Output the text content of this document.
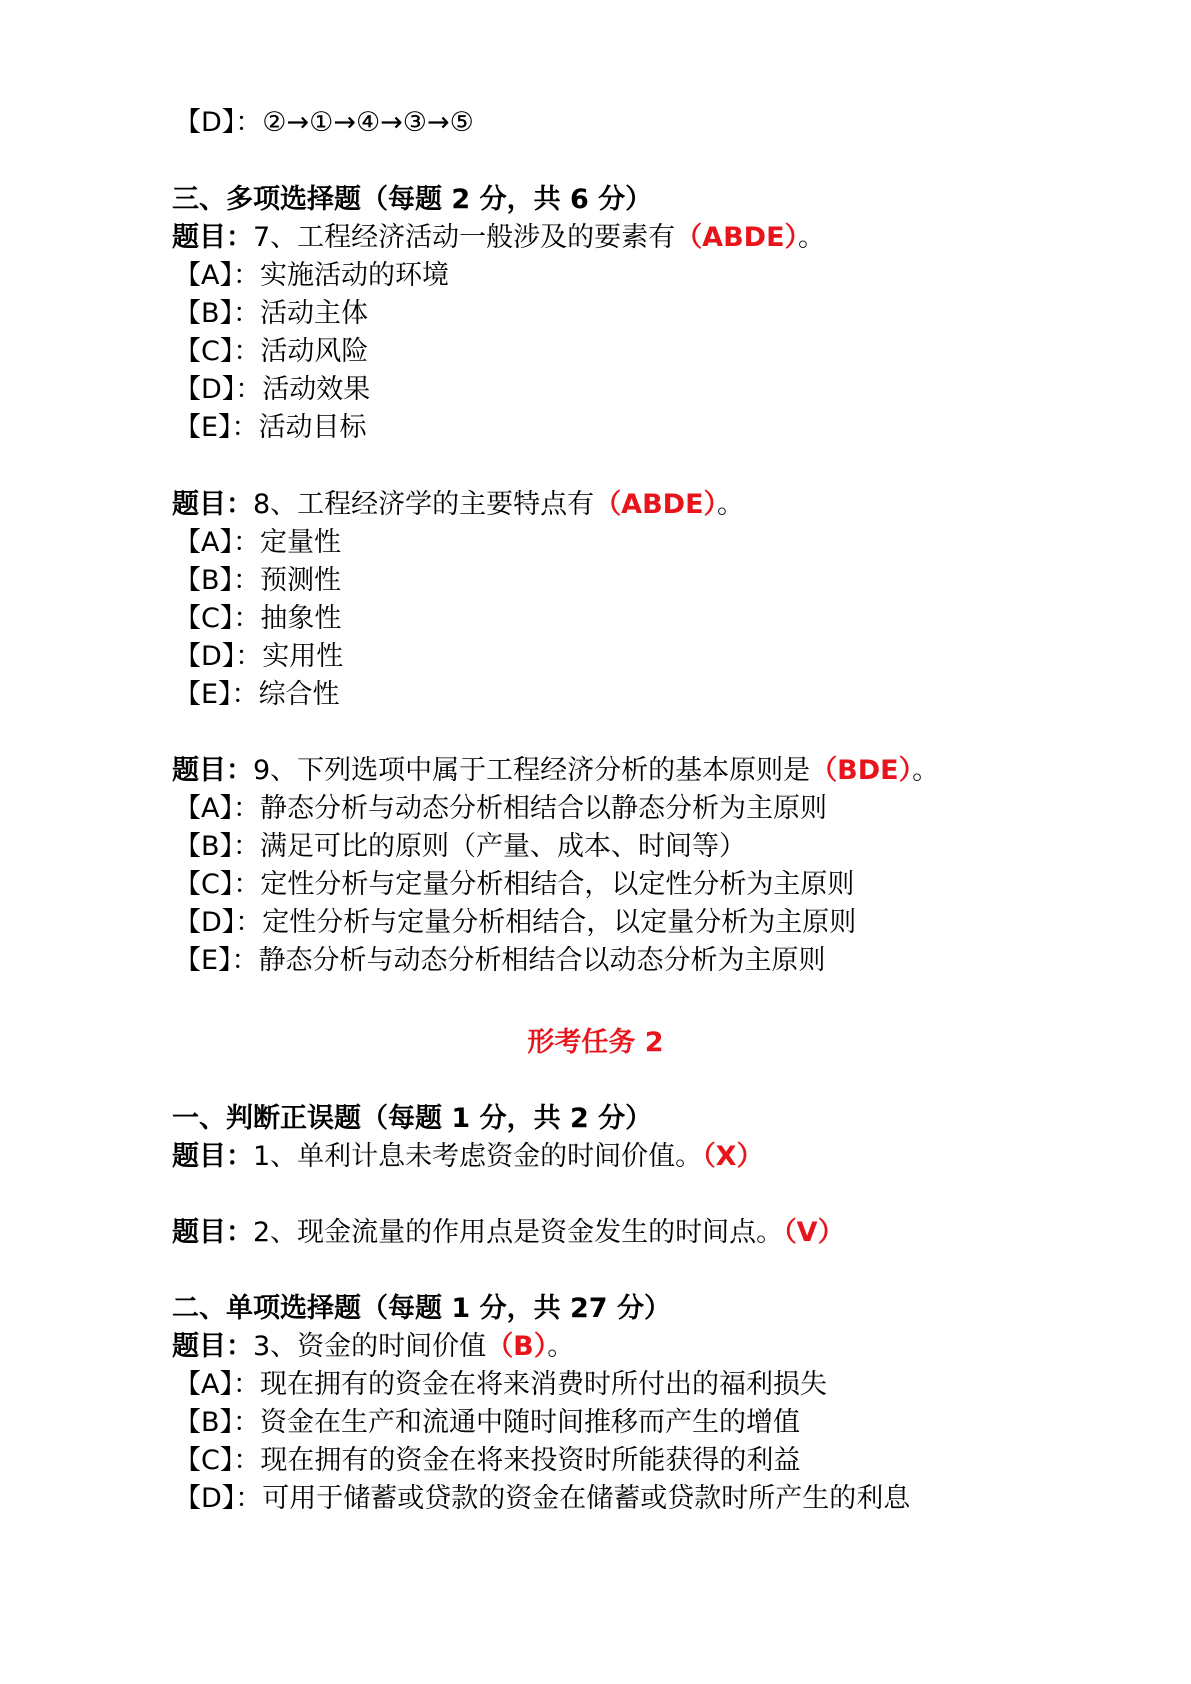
【D】：②→①→④→③→⑤
三、多项选择题（每题 2 分，共 6 分）
题目：7、工程经济活动一般涉及的要素有（ABDE）。
【A】：实施活动的环境
【B】：活动主体
【C】：活动风险
【D】：活动效果
【E】：活动目标
题目：8、工程经济学的主要特点有（ABDE）。
【A】：定量性
【B】：预测性
【C】：抽象性
【D】：实用性
【E】：综合性
题目：9、下列选项中属于工程经济分析的基本原则是（BDE）。
【A】：静态分析与动态分析相结合以静态分析为主原则
【B】：满足可比的原则（产量、成本、时间等）
【C】：定性分析与定量分析相结合，以定性分析为主原则
【D】：定性分析与定量分析相结合，以定量分析为主原则
【E】：静态分析与动态分析相结合以动态分析为主原则
形考任务 2
一、判断正误题（每题 1 分，共 2 分）
题目：1、单利计息未考虑资金的时间价值。（X）
题目：2、现金流量的作用点是资金发生的时间点。（V）
二、单项选择题（每题 1 分，共 27 分）
题目：3、资金的时间价值（B）。
【A】：现在拥有的资金在将来消费时所付出的福利损失
【B】：资金在生产和流通中随时间推移而产生的增值
【C】：现在拥有的资金在将来投资时所能获得的利益
【D】：可用于储蓄或贷款的资金在储蓄或贷款时所产生的利息
